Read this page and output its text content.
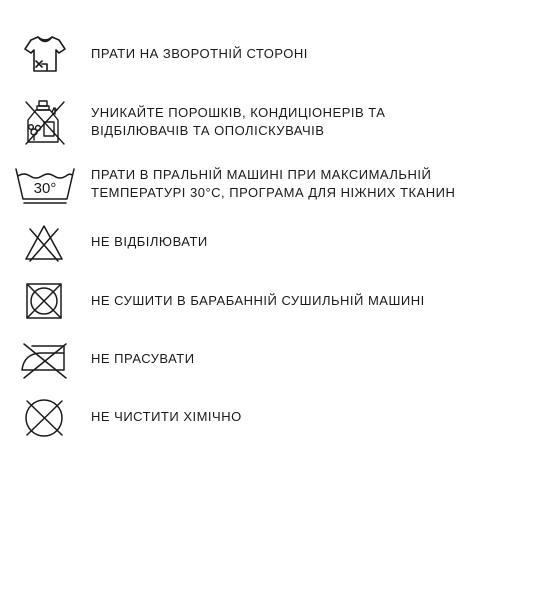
ПРАТИ НА ЗВОРОТНІЙ СТОРОНІ
УНИКАЙТЕ ПОРОШКІВ, КОНДИЦІОНЕРІВ ТА
ВІДБІЛЮВАЧІВ ТА ОПОЛІСКУВАЧІВ
30°
ПРАТИ В ПРАЛЬНІЙ МАШИНІ ПРИ МАКСИМАЛЬНІЙ
ТЕМПЕРАТУРІ 30°С, ПРОГРАМА ДЛЯ НІЖНИХ ТКАНИН
НЕ ВІДБІЛЮВАТИ
НЕ СУШИТИ В БАРАБАННІЙ СУШИЛЬНІЙ МАШИНІ
НЕ ПРАСУВАТИ
НЕ ЧИСТИТИ ХІМІЧНО
